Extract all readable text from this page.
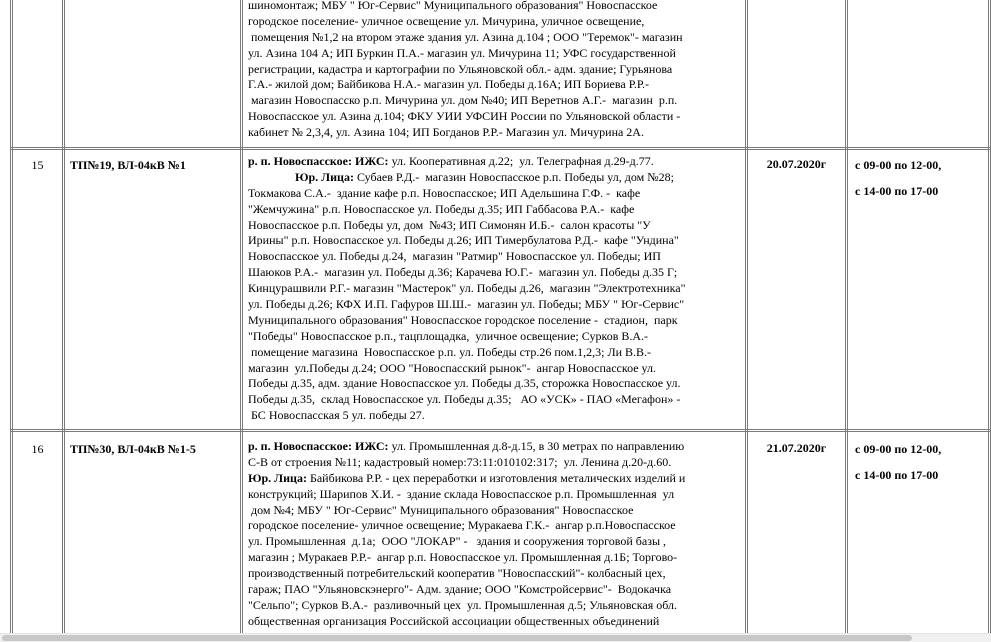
шиномонтаж; МБУ " Юг-Сервис" Муниципального образования" Новоспасское
городское поселение- уличное освещение ул. Мичурина, уличное освещение,
помещения №1,2 на втором этаже здания ул. Азина д.104 ; ООО "Теремок"- магазин
ул. Азина 104 А; ИП Буркин П.А.- магазин ул. Мичурина 11; УФС государственной
регистрации, кадастра и картографии по Ульяновской обл.- адм. здание; Гурьянова
Г.А.- жилой дом; Байбикова Н.А.- магазин ул. Победы д.16А; ИП Бориева Р.Р.-
магазин Новоспасско р.п. Мичурина ул. дом №40; ИП Веретнов А.Г.-  магазин  р.п.
Новоспасское ул. Азина д.104; ФКУ УИИ УФСИН России по Ульяновской области -
кабинет № 2,3,4, ул. Азина 104; ИП Богданов Р.Р.- Магазин ул. Мичурина 2А.
15	ТП№19, ВЛ-04кВ №1	р. п. Новоспасское: ИЖС: ул. Кооперативная д.22;  ул. Телеграфная д.29-д.77.
Юр. Лица: Субаев Р.Д.-  магазин Новоспасское р.п. Победы ул, дом №28;
Токмакова С.А.-  здание кафе р.п. Новоспасское; ИП Адельшина Г.Ф. -  кафе
"Жемчужина" р.п. Новоспасское ул. Победы д.35; ИП Габбасова Р.А.-  кафе
Новоспасское р.п. Победы ул, дом  №43; ИП Симонян И.Б.-  салон красоты "У
Ирины" р.п. Новоспасское ул. Победы д.26; ИП Тимербулатова Р.Д.-  кафе "Ундина"
Новоспасское ул. Победы д.24,  магазин "Ратмир" Новоспасское ул. Победы; ИП
Шаюков Р.А.-  магазин ул. Победы д.36; Карачева Ю.Г.-  магазин ул. Победы д.35 Г;
Кинцурашвили Р.Г.- магазин "Мастерок" ул. Победы д.26,  магазин "Электротехника"
ул. Победы д.26; КФХ И.П. Гафуров Ш.Ш.-  магазин ул. Победы; МБУ " Юг-Сервис"
Муниципального образования" Новоспасское городское поселение -  стадион,  парк
"Победы" Новоспасское р.п., тацплощадка,  уличное освещение; Сурков В.А.-
помещение магазина  Новоспасское р.п. ул. Победы стр.26 пом.1,2,3; Ли В.В.-
магазин  ул.Победы д.24; ООО "Новоспасский рынок"-  ангар Новоспасское ул.
Победы д.35, адм. здание Новоспасское ул. Победы д.35, сторожка Новоспасское ул.
Победы д.35,  склад Новоспасское ул. Победы д.35;   АО «УСК» - ПАО «Мегафон» -
БС Новоспасская 5 ул. победы 27.
20.07.2020г	с 09-00 по 12-00,
с 14-00 по 17-00
16	ТП№30, ВЛ-04кВ №1-5	р. п. Новоспасское: ИЖС: ул. Промышленная д.8-д.15, в 30 метрах по направлению
С-В от строения №11; кадастровый номер:73:11:010102:317;  ул. Ленина д.20-д.60.
Юр. Лица: Байбикова Р.Р. - цех переработки и изготовления металических изделий и
конструкций; Шарипов Х.И. -  здание склада Новоспасское р.п. Промышленная  ул
дом №4; МБУ " Юг-Сервис" Муниципального образования" Новоспасское
городское поселение- уличное освещение; Муракаева Г.К.-  ангар р.п.Новоспасское
ул. Промышленная  д.1а;  ООО "ЛОКАР" -   здания и сооружения торговой базы ,
магазин ; Муракаев Р.Р.-  ангар р.п. Новоспасское ул. Промышленная д.1Б; Торгово-
производственный потребительский кооператив "Новоспасский"- колбасный цех,
гараж; ПАО "Ульяновскэнерго"- Адм. здание; ООО "Комстройсервис"-  Водокачка
"Сельпо"; Сурков В.А.-  разливочный цех  ул. Промышленная д.5; Ульяновская обл.
общественная организация Российской ассоциации общественных объединений
21.07.2020г	с 09-00 по 12-00,
с 14-00 по 17-00
